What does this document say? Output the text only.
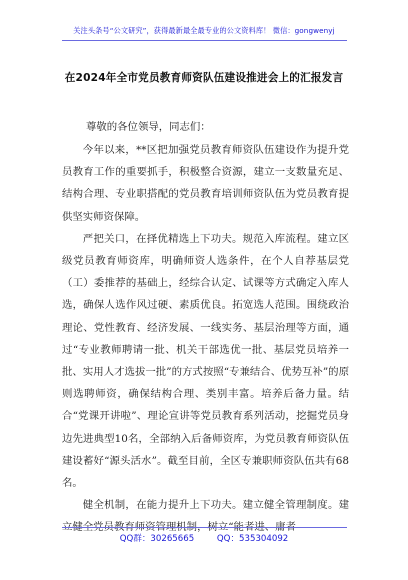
关注头条号“公文研究”，获得最新最全最专业的公文资料库！ 微信：gongwenyj
在2024年全市党员教育师资队伍建设推进会上的汇报发言
尊敬的各位领导，同志们：

今年以来，**区把加强党员教育师资队伍建设作为提升党员教育工作的重要抓手，积极整合资源，建立一支数量充足、结构合理、专业职搭配的党员教育培训师资队伍为党员教育提供坚实师资保障。

严把关口，在择优精选上下功夫。规范入库流程。建立区级党员教育师资库，明确师资人选条件，在个人自荐基层党（工）委推荐的基础上，经综合认定、试课等方式确定入库人选，确保人选作风过硬、素质优良。拓宽选人范围。围绕政治理论、党性教育、经济发展、一线实务、基层治理等方面，通过“专业教师聘请一批、机关干部选优一批、基层党员培养一批、实用人才选拔一批”的方式按照“专兼结合、优势互补”的原则选聘师资，确保结构合理、类别丰富。培养后备力量。结合“党课开讲啦”、理论宣讲等党员教育系列活动，挖掘党员身边先进典型10名，全部纳入后备师资库，为党员教育师资队伍建设蓄好“源头活水”。截至目前，全区专兼职师资队伍共有68名。

健全机制，在能力提升上下功夫。建立健全管理制度。建立健全党员教育师资管理机制，树立“能者进、庸者

QQ群：30265665	QQ：535304092
